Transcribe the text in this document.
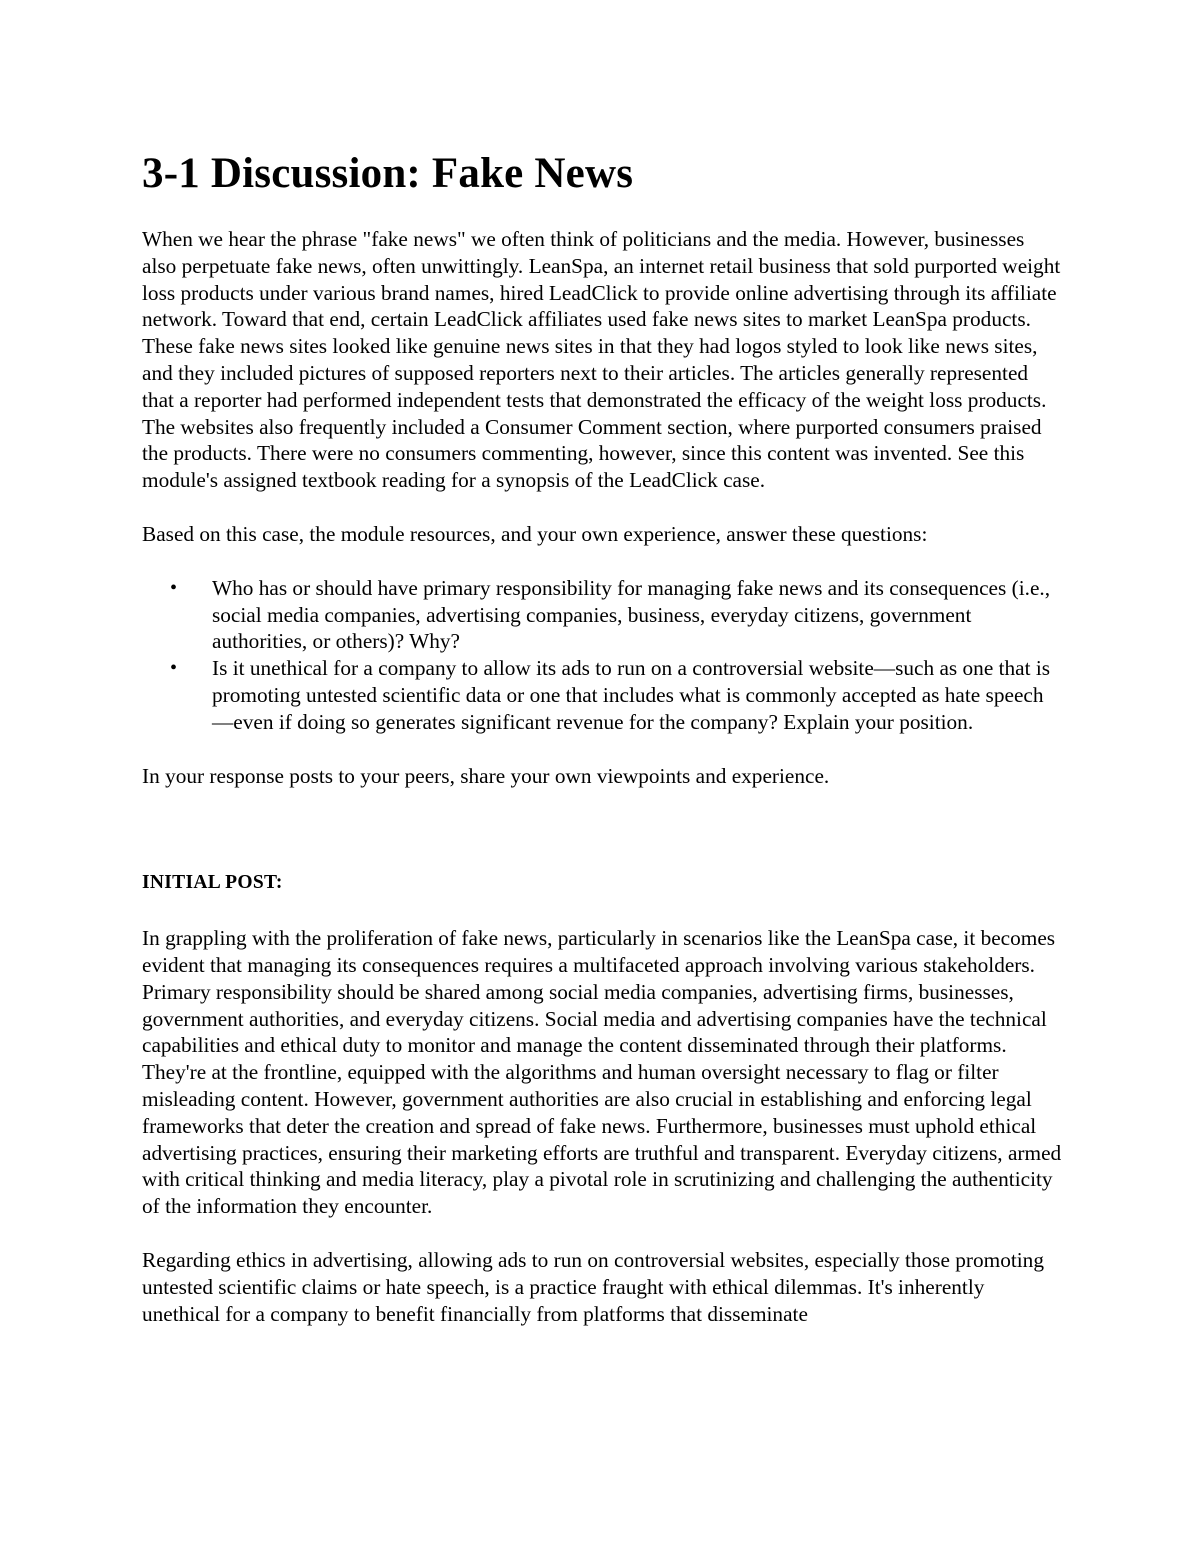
3-1 Discussion: Fake News

When we hear the phrase "fake news" we often think of politicians and the media. However, businesses also perpetuate fake news, often unwittingly. LeanSpa, an internet retail business that sold purported weight loss products under various brand names, hired LeadClick to provide online advertising through its affiliate network. Toward that end, certain LeadClick affiliates used fake news sites to market LeanSpa products. These fake news sites looked like genuine news sites in that they had logos styled to look like news sites, and they included pictures of supposed reporters next to their articles. The articles generally represented that a reporter had performed independent tests that demonstrated the efficacy of the weight loss products. The websites also frequently included a Consumer Comment section, where purported consumers praised the products. There were no consumers commenting, however, since this content was invented. See this module's assigned textbook reading for a synopsis of the LeadClick case.

Based on this case, the module resources, and your own experience, answer these questions:

• Who has or should have primary responsibility for managing fake news and its consequences (i.e., social media companies, advertising companies, business, everyday citizens, government authorities, or others)? Why?
• Is it unethical for a company to allow its ads to run on a controversial website—such as one that is promoting untested scientific data or one that includes what is commonly accepted as hate speech—even if doing so generates significant revenue for the company? Explain your position.

In your response posts to your peers, share your own viewpoints and experience.

INITIAL POST:

In grappling with the proliferation of fake news, particularly in scenarios like the LeanSpa case, it becomes evident that managing its consequences requires a multifaceted approach involving various stakeholders. Primary responsibility should be shared among social media companies, advertising firms, businesses, government authorities, and everyday citizens. Social media and advertising companies have the technical capabilities and ethical duty to monitor and manage the content disseminated through their platforms. They're at the frontline, equipped with the algorithms and human oversight necessary to flag or filter misleading content. However, government authorities are also crucial in establishing and enforcing legal frameworks that deter the creation and spread of fake news. Furthermore, businesses must uphold ethical advertising practices, ensuring their marketing efforts are truthful and transparent. Everyday citizens, armed with critical thinking and media literacy, play a pivotal role in scrutinizing and challenging the authenticity of the information they encounter.

Regarding ethics in advertising, allowing ads to run on controversial websites, especially those promoting untested scientific claims or hate speech, is a practice fraught with ethical dilemmas. It's inherently unethical for a company to benefit financially from platforms that disseminate
